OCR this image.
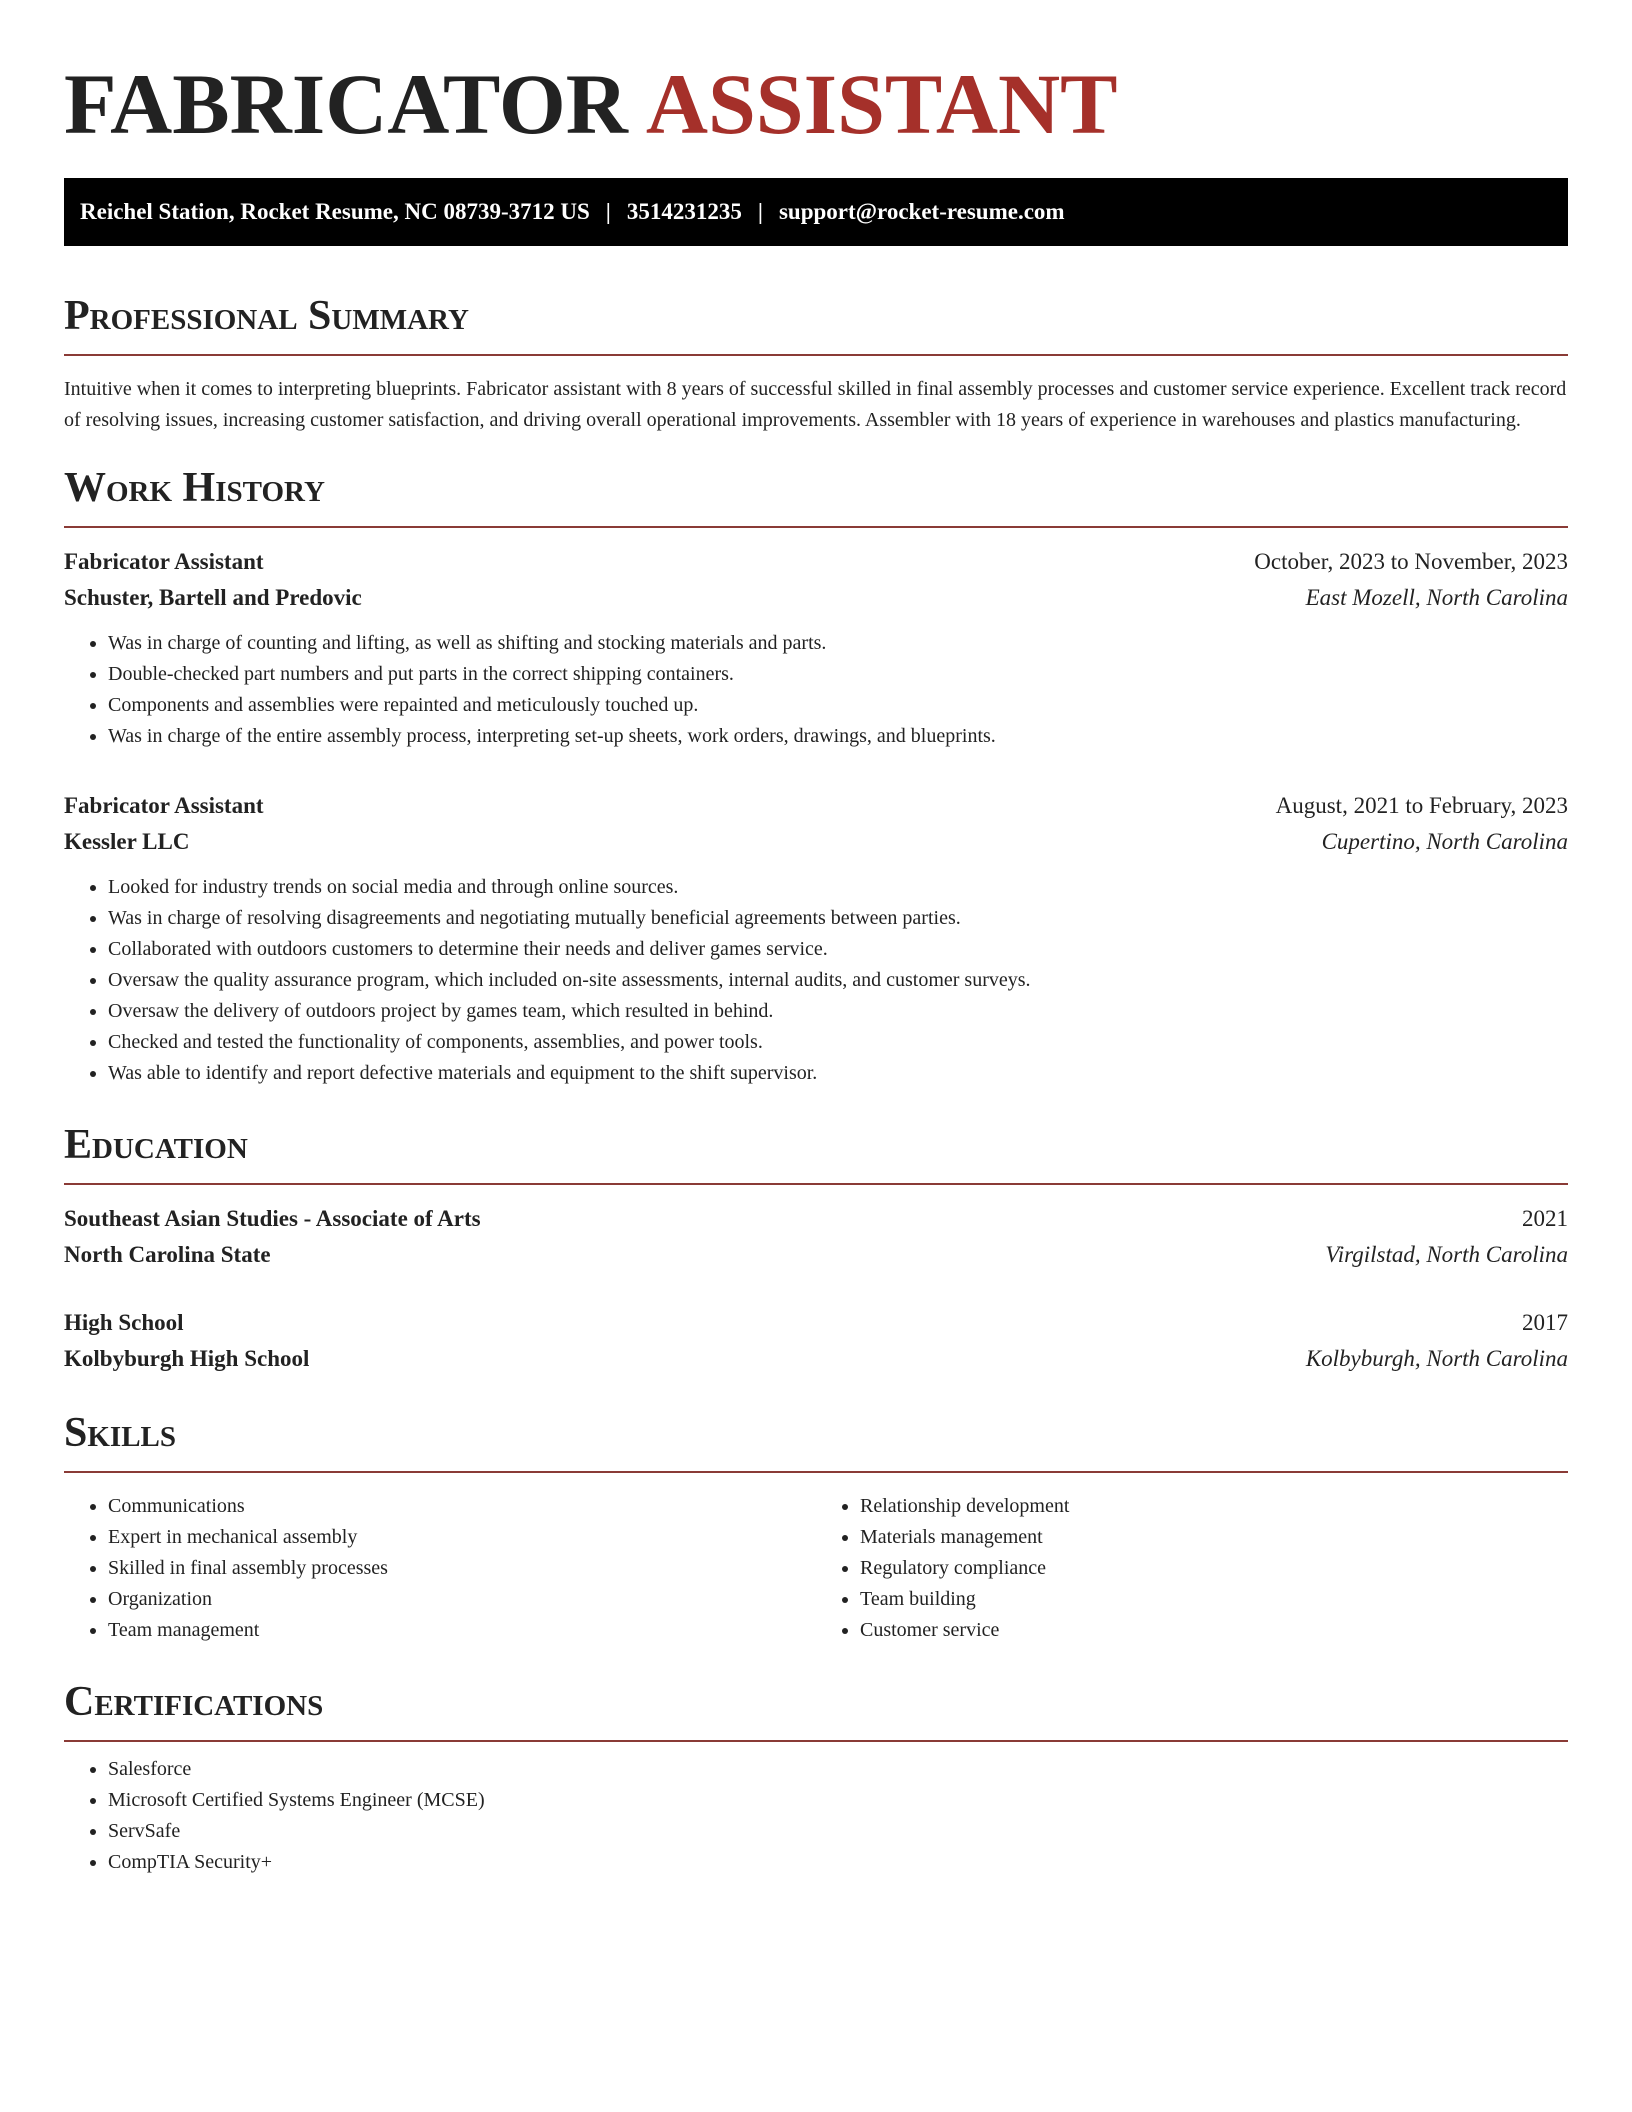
FABRICATOR ASSISTANT
Reichel Station, Rocket Resume, NC 08739-3712 US | 3514231235 | support@rocket-resume.com
Professional Summary

Intuitive when it comes to interpreting blueprints. Fabricator assistant with 8 years of successful skilled in final assembly processes and customer service experience. Excellent track record of resolving issues, increasing customer satisfaction, and driving overall operational improvements. Assembler with 18 years of experience in warehouses and plastics manufacturing.

Work History
Fabricator Assistant	October, 2023 to November, 2023
Schuster, Bartell and Predovic	East Mozell, North Carolina
• Was in charge of counting and lifting, as well as shifting and stocking materials and parts.
• Double-checked part numbers and put parts in the correct shipping containers.
• Components and assemblies were repainted and meticulously touched up.
• Was in charge of the entire assembly process, interpreting set-up sheets, work orders, drawings, and blueprints.
Fabricator Assistant	August, 2021 to February, 2023
Kessler LLC	Cupertino, North Carolina
• Looked for industry trends on social media and through online sources.
• Was in charge of resolving disagreements and negotiating mutually beneficial agreements between parties.
• Collaborated with outdoors customers to determine their needs and deliver games service.
• Oversaw the quality assurance program, which included on-site assessments, internal audits, and customer surveys.
• Oversaw the delivery of outdoors project by games team, which resulted in behind.
• Checked and tested the functionality of components, assemblies, and power tools.
• Was able to identify and report defective materials and equipment to the shift supervisor.
Education
Southeast Asian Studies - Associate of Arts	2021
North Carolina State	Virgilstad, North Carolina
High School	2017
Kolbyburgh High School	Kolbyburgh, North Carolina
Skills
• Communications
• Expert in mechanical assembly
• Skilled in final assembly processes
• Organization
• Team management
• Relationship development
• Materials management
• Regulatory compliance
• Team building
• Customer service
Certifications
• Salesforce
• Microsoft Certified Systems Engineer (MCSE)
• ServSafe
• CompTIA Security+
